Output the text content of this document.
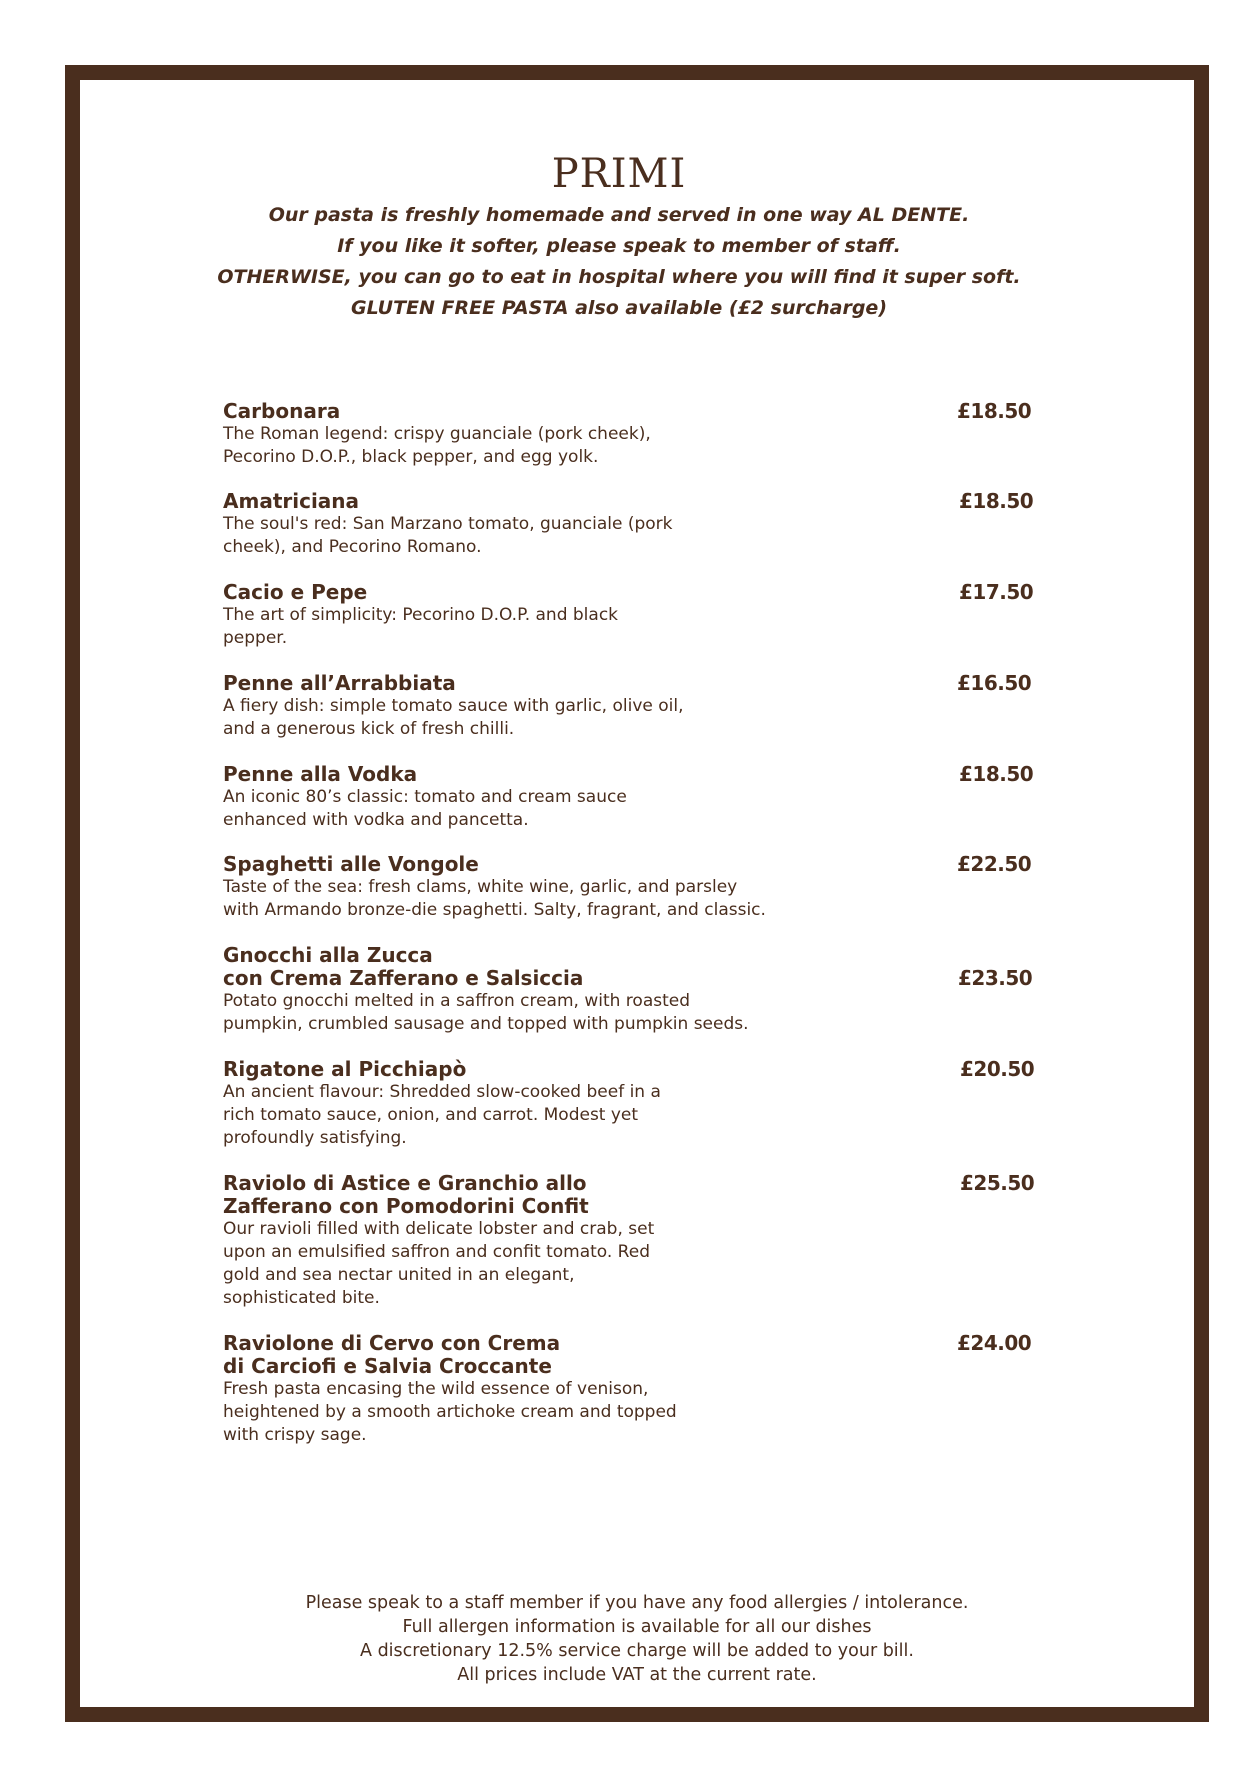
PRIMI
Our pasta is freshly homemade and served in one way AL DENTE.
If you like it softer, please speak to member of staff.
OTHERWISE, you can go to eat in hospital where you will find it super soft.
GLUTEN FREE PASTA also available (£2 surcharge)
Carbonara
The Roman legend: crispy guanciale (pork cheek),
Pecorino D.O.P., black pepper, and egg yolk.
£18.50
Amatriciana
The soul's red: San Marzano tomato, guanciale (pork
cheek), and Pecorino Romano.
£18.50
Cacio e Pepe
The art of simplicity: Pecorino D.O.P. and black
pepper.
£17.50
Penne all’Arrabbiata
A fiery dish: simple tomato sauce with garlic, olive oil,
and a generous kick of fresh chilli.
£16.50
Penne alla Vodka
An iconic 80’s classic: tomato and cream sauce
enhanced with vodka and pancetta.
£18.50
Spaghetti alle Vongole
Taste of the sea: fresh clams, white wine, garlic, and parsley
with Armando bronze-die spaghetti. Salty, fragrant, and classic.
£22.50
Gnocchi alla Zucca
con Crema Zafferano e Salsiccia
Potato gnocchi melted in a saffron cream, with roasted
pumpkin, crumbled sausage and topped with pumpkin seeds.
£23.50
Rigatone al Picchiapò
An ancient flavour: Shredded slow-cooked beef in a
rich tomato sauce, onion, and carrot. Modest yet
profoundly satisfying.
£20.50
Raviolo di Astice e Granchio allo
Zafferano con Pomodorini Confit
Our ravioli filled with delicate lobster and crab, set
upon an emulsified saffron and confit tomato. Red
gold and sea nectar united in an elegant,
sophisticated bite.
£25.50
Raviolone di Cervo con Crema
di Carciofi e Salvia Croccante
Fresh pasta encasing the wild essence of venison,
heightened by a smooth artichoke cream and topped
with crispy sage.
£24.00
Please speak to a staff member if you have any food allergies / intolerance.
Full allergen information is available for all our dishes
A discretionary 12.5% service charge will be added to your bill.
All prices include VAT at the current rate.
